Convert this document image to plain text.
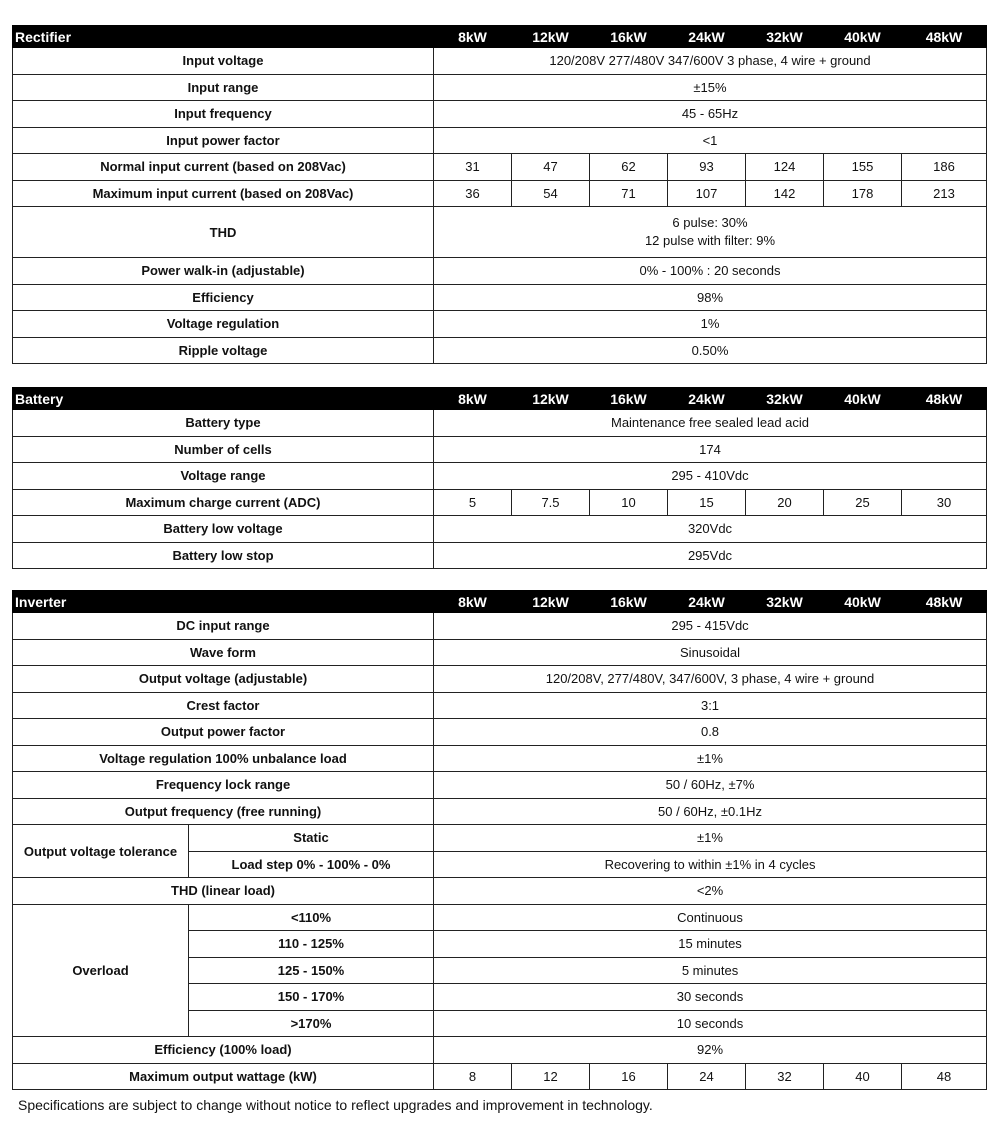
Rectifier	8kW	12kW	16kW	24kW	32kW	40kW	48kW
Input voltage	120/208V 277/480V 347/600V 3 phase, 4 wire + ground						
Input range	±15%						
Input frequency	45 - 65Hz						
Input power factor	<1						
Normal input current (based on 208Vac)	31	47	62	93	124	155	186
Maximum input current (based on 208Vac)	36	54	71	107	142	178	213
THD	6 pulse: 30%
12 pulse with filter: 9%						

Power walk-in (adjustable)	0% - 100% : 20 seconds						
Efficiency	98%						
Voltage regulation	1%						
Ripple voltage	0.50%						
Battery	8kW	12kW	16kW	24kW	32kW	40kW	48kW
Battery type	Maintenance free sealed lead acid						
Number of cells	174						
Voltage range	295 - 410Vdc						
Maximum charge current (ADC)	5	7.5	10	15	20	25	30
Battery low voltage	320Vdc						
Battery low stop	295Vdc						
Inverter		8kW	12kW	16kW	24kW	32kW	40kW	48kW
DC input range		295 - 415Vdc						
Wave form		Sinusoidal						
Output voltage (adjustable)		120/208V, 277/480V, 347/600V, 3 phase, 4 wire + ground						
Crest factor		3:1						
Output power factor		0.8						
Voltage regulation 100% unbalance load		±1%						
Frequency lock range		50 / 60Hz, ±7%						
Output frequency (free running)		50 / 60Hz, ±0.1Hz						
Output voltage tolerance	Static	±1%						
	Load step 0% - 100% - 0%	Recovering to within ±1% in 4 cycles						
THD (linear load)		<2%						
Overload	<110%	Continuous						
	110 - 125%	15 minutes						
	125 - 150%	5 minutes						
	150 - 170%	30 seconds						
	>170%	10 seconds						
Efficiency (100% load)		92%						
Maximum output wattage (kW)		8	12	16	24	32	40	48
Specifications are subject to change without notice to reflect upgrades and improvement in technology.
